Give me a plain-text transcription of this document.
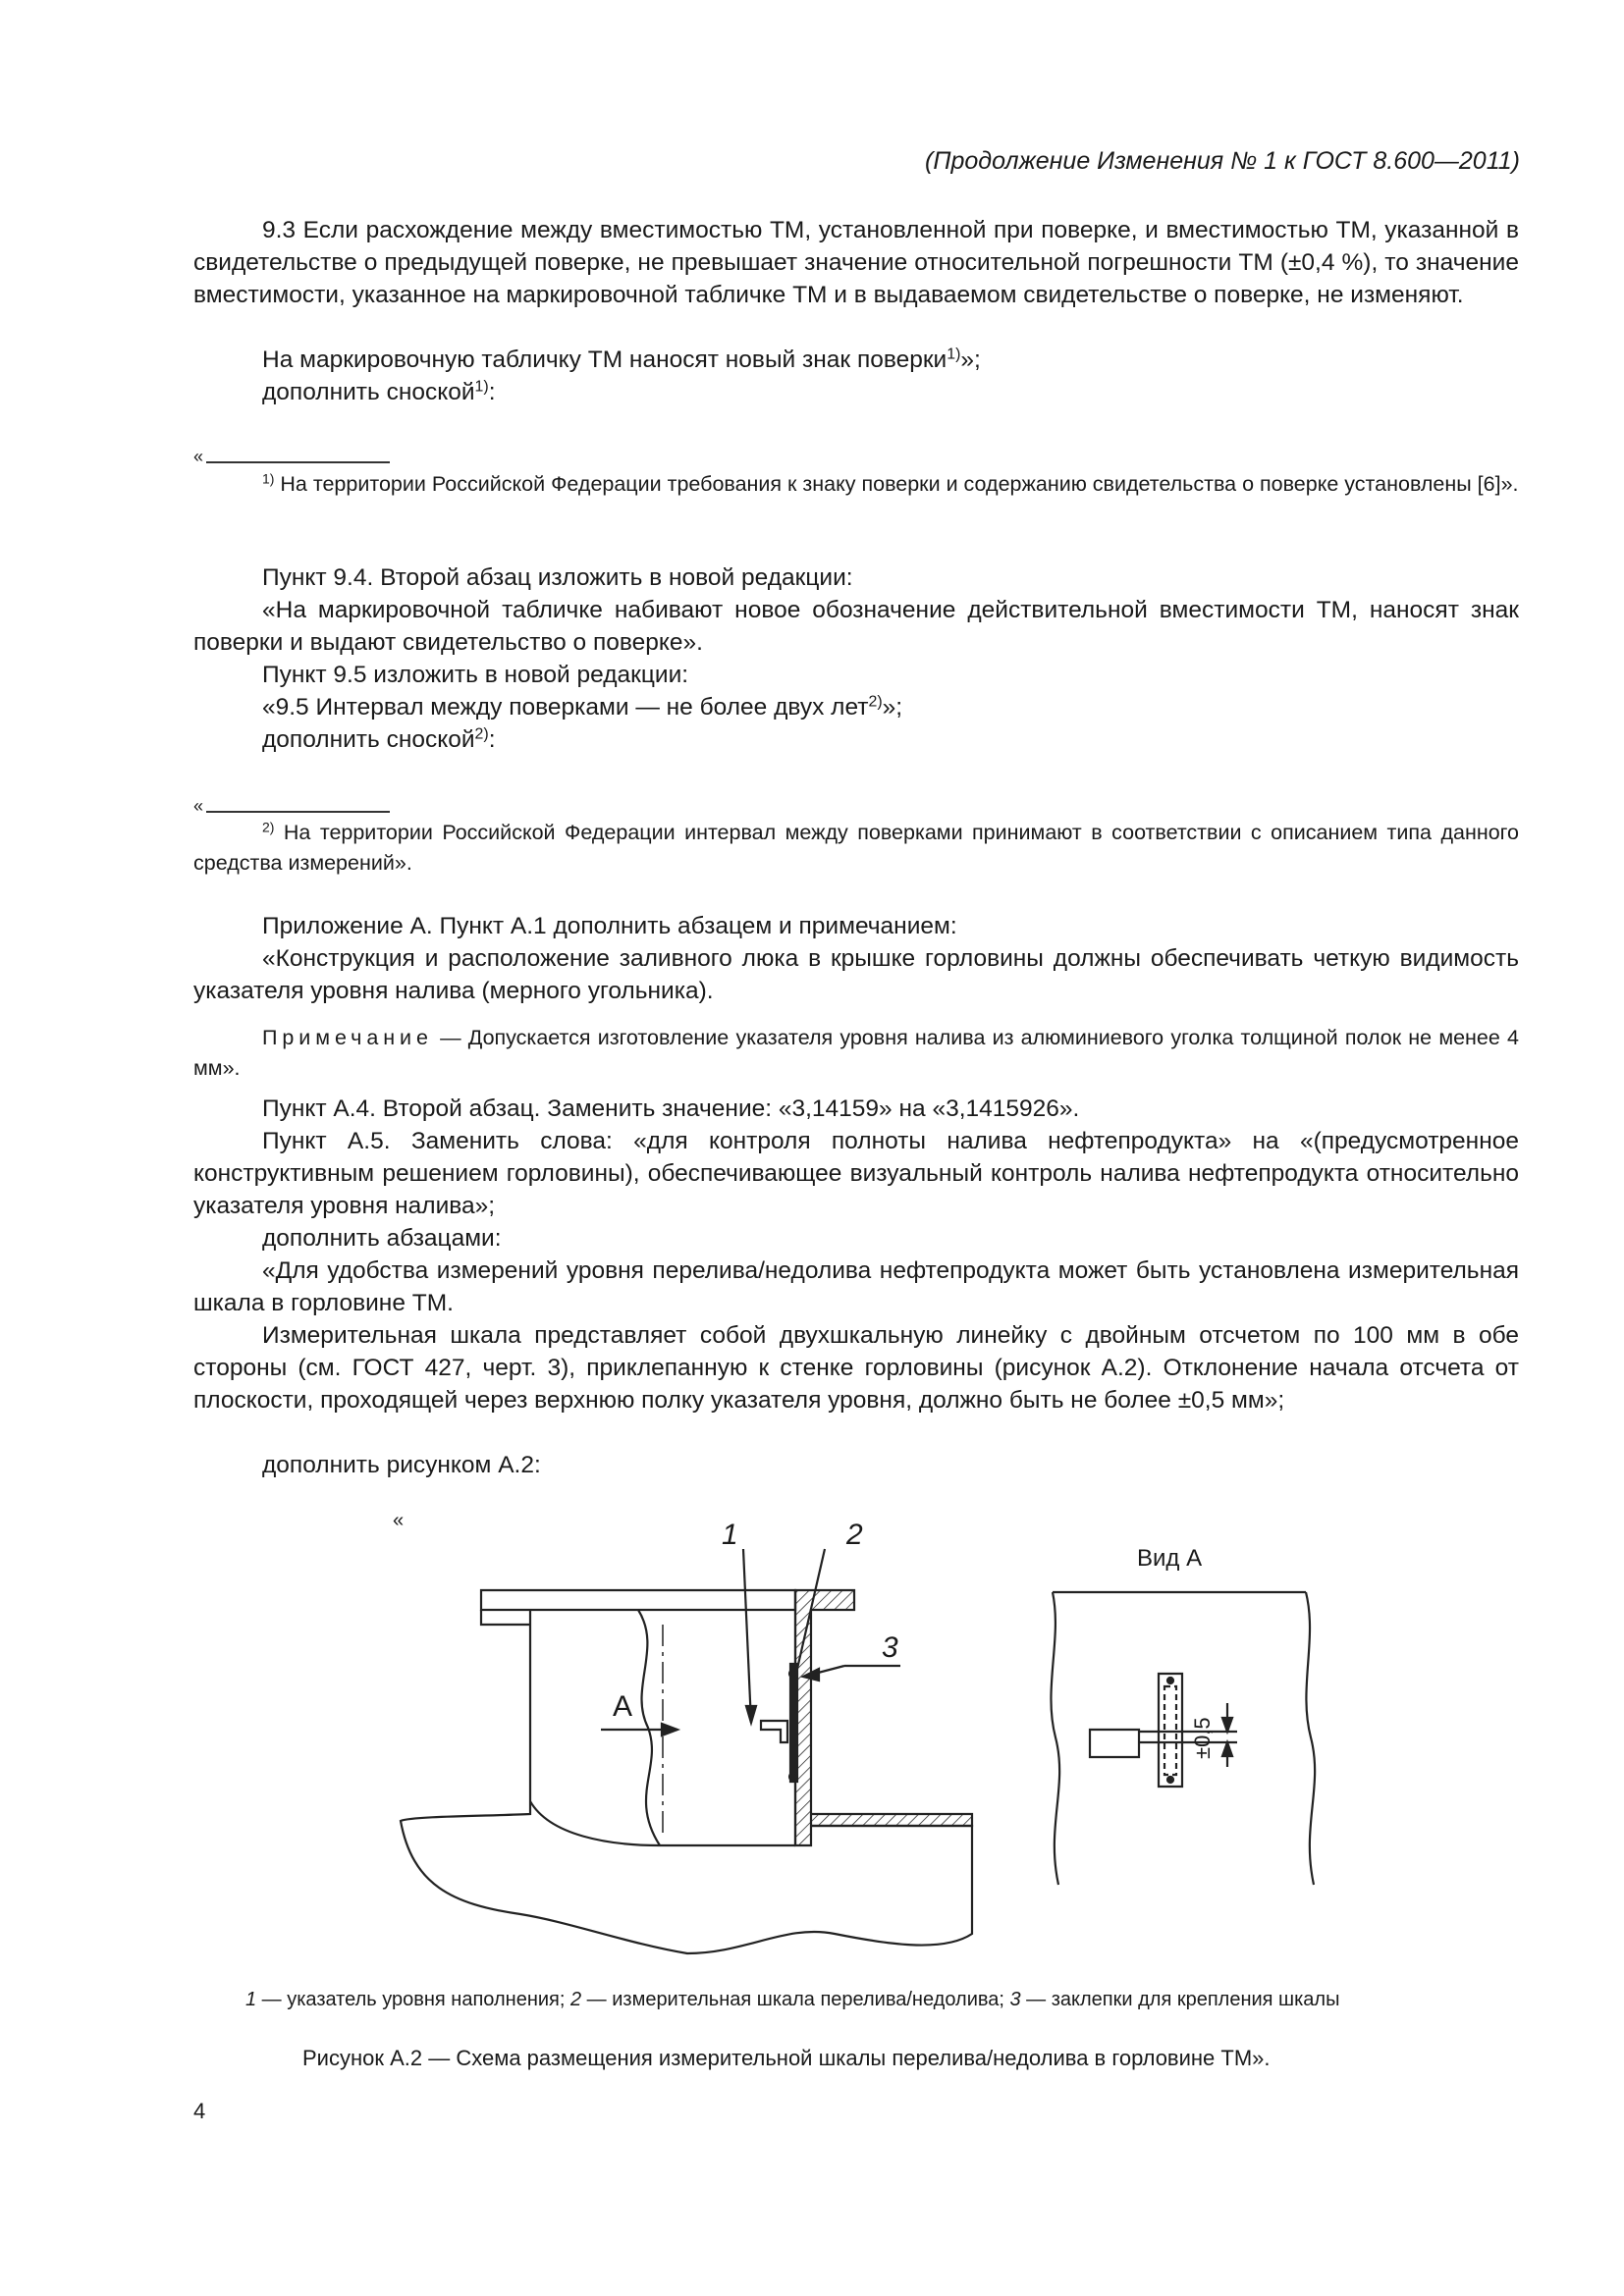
(Продолжение Изменения № 1 к ГОСТ 8.600—2011)
9.3 Если расхождение между вместимостью ТМ, установленной при поверке, и вместимостью ТМ, указанной в свидетельстве о предыдущей поверке, не превышает значение относительной погрешности ТМ (±0,4 %), то значение вместимости, указанное на маркировочной табличке ТМ и в выдаваемом свидетельстве о поверке, не изменяют.
На маркировочную табличку ТМ наносят новый знак поверки$^{1)}$»;
дополнить сноской$^{1)}$:
«
$^{1)}$ На территории Российской Федерации требования к знаку поверки и содержанию свидетельства о поверке установлены [6]».
Пункт 9.4. Второй абзац изложить в новой редакции:
«На маркировочной табличке набивают новое обозначение действительной вместимости ТМ, наносят знак поверки и выдают свидетельство о поверке».
Пункт 9.5 изложить в новой редакции:
«9.5 Интервал между поверками — не более двух лет$^{2)}$»;
дополнить сноской$^{2)}$:
«
$^{2)}$ На территории Российской Федерации интервал между поверками принимают в соответствии с описанием типа данного средства измерений».
Приложение А. Пункт А.1 дополнить абзацем и примечанием:
«Конструкция и расположение заливного люка в крышке горловины должны обеспечивать четкую видимость указателя уровня налива (мерного угольника).
Примечание — Допускается изготовление указателя уровня налива из алюминиевого уголка толщиной полок не менее 4 мм».
Пункт А.4. Второй абзац. Заменить значение: «3,14159» на «3,1415926».
Пункт А.5. Заменить слова: «для контроля полноты налива нефтепродукта» на «(предусмотренное конструктивным решением горловины), обеспечивающее визуальный контроль налива нефтепродукта относительно указателя уровня налива»;
дополнить абзацами:
«Для удобства измерений уровня перелива/недолива нефтепродукта может быть установлена измерительная шкала в горловине ТМ.
Измерительная шкала представляет собой двухшкальную линейку с двойным отсчетом по 100 мм в обе стороны (см. ГОСТ 427, черт. 3), приклепанную к стенке горловины (рисунок А.2). Отклонение начала отсчета от плоскости, проходящей через верхнюю полку указателя уровня, должно быть не более ±0,5 мм»;
дополнить рисунком А.2:
«	1	2
3
А
Вид А
±0,5
1 — указатель уровня наполнения; 2 — измерительная шкала перелива/недолива; 3 — заклепки для крепления шкалы
Рисунок А.2 — Схема размещения измерительной шкалы перелива/недолива в горловине ТМ».
4
